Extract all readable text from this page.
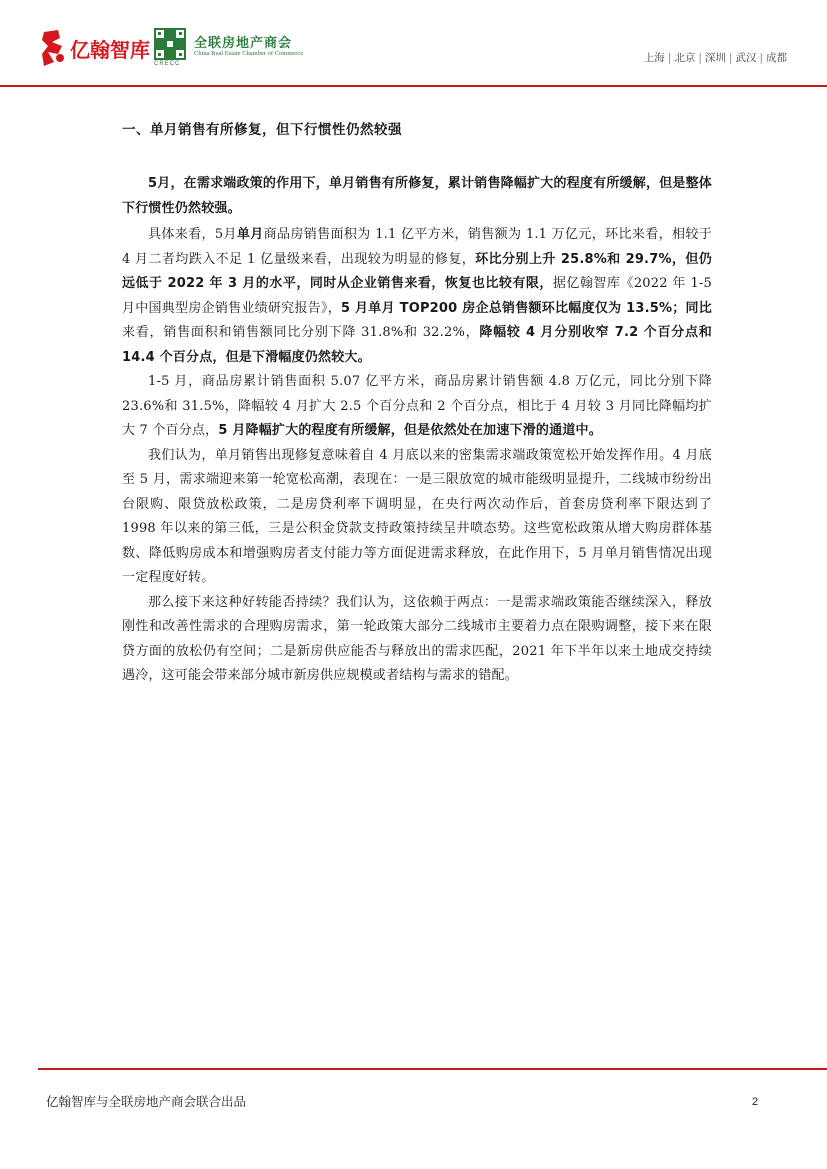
亿翰智库	全联房地产商会
China Real Estate Chamber of Commerce
CRECC	上海 | 北京 | 深圳 | 武汉 | 成都
一、单月销售有所修复，但下行惯性仍然较强

5月，在需求端政策的作用下，单月销售有所修复，累计销售降幅扩大的程度有所缓解，但是整体下行惯性仍然较强。

具体来看，5月单月商品房销售面积为 1.1 亿平方米，销售额为 1.1 万亿元，环比来看，相较于 4 月二者均跌入不足 1 亿量级来看，出现较为明显的修复，环比分别上升 25.8%和 29.7%，但仍远低于 2022 年 3 月的水平，同时从企业销售来看，恢复也比较有限，据亿翰智库《2022 年 1-5 月中国典型房企销售业绩研究报告》，5 月单月 TOP200 房企总销售额环比幅度仅为 13.5%；同比来看，销售面积和销售额同比分别下降 31.8%和 32.2%，降幅较 4 月分别收窄 7.2 个百分点和 14.4 个百分点，但是下滑幅度仍然较大。

1-5 月，商品房累计销售面积 5.07 亿平方米，商品房累计销售额 4.8 万亿元，同比分别下降 23.6%和 31.5%，降幅较 4 月扩大 2.5 个百分点和 2 个百分点，相比于 4 月较 3 月同比降幅均扩大 7 个百分点，5 月降幅扩大的程度有所缓解，但是依然处在加速下滑的通道中。

我们认为，单月销售出现修复意味着自 4 月底以来的密集需求端政策宽松开始发挥作用。4 月底至 5 月，需求端迎来第一轮宽松高潮，表现在：一是三限放宽的城市能级明显提升，二线城市纷纷出台限购、限贷放松政策，二是房贷利率下调明显，在央行两次动作后，首套房贷利率下限达到了 1998 年以来的第三低，三是公积金贷款支持政策持续呈井喷态势。这些宽松政策从增大购房群体基数、降低购房成本和增强购房者支付能力等方面促进需求释放，在此作用下，5 月单月销售情况出现一定程度好转。

那么接下来这种好转能否持续？我们认为，这依赖于两点：一是需求端政策能否继续深入，释放刚性和改善性需求的合理购房需求，第一轮政策大部分二线城市主要着力点在限购调整，接下来在限贷方面的放松仍有空间；二是新房供应能否与释放出的需求匹配，2021 年下半年以来土地成交持续遇冷，这可能会带来部分城市新房供应规模或者结构与需求的错配。

亿翰智库与全联房地产商会联合出品	2
